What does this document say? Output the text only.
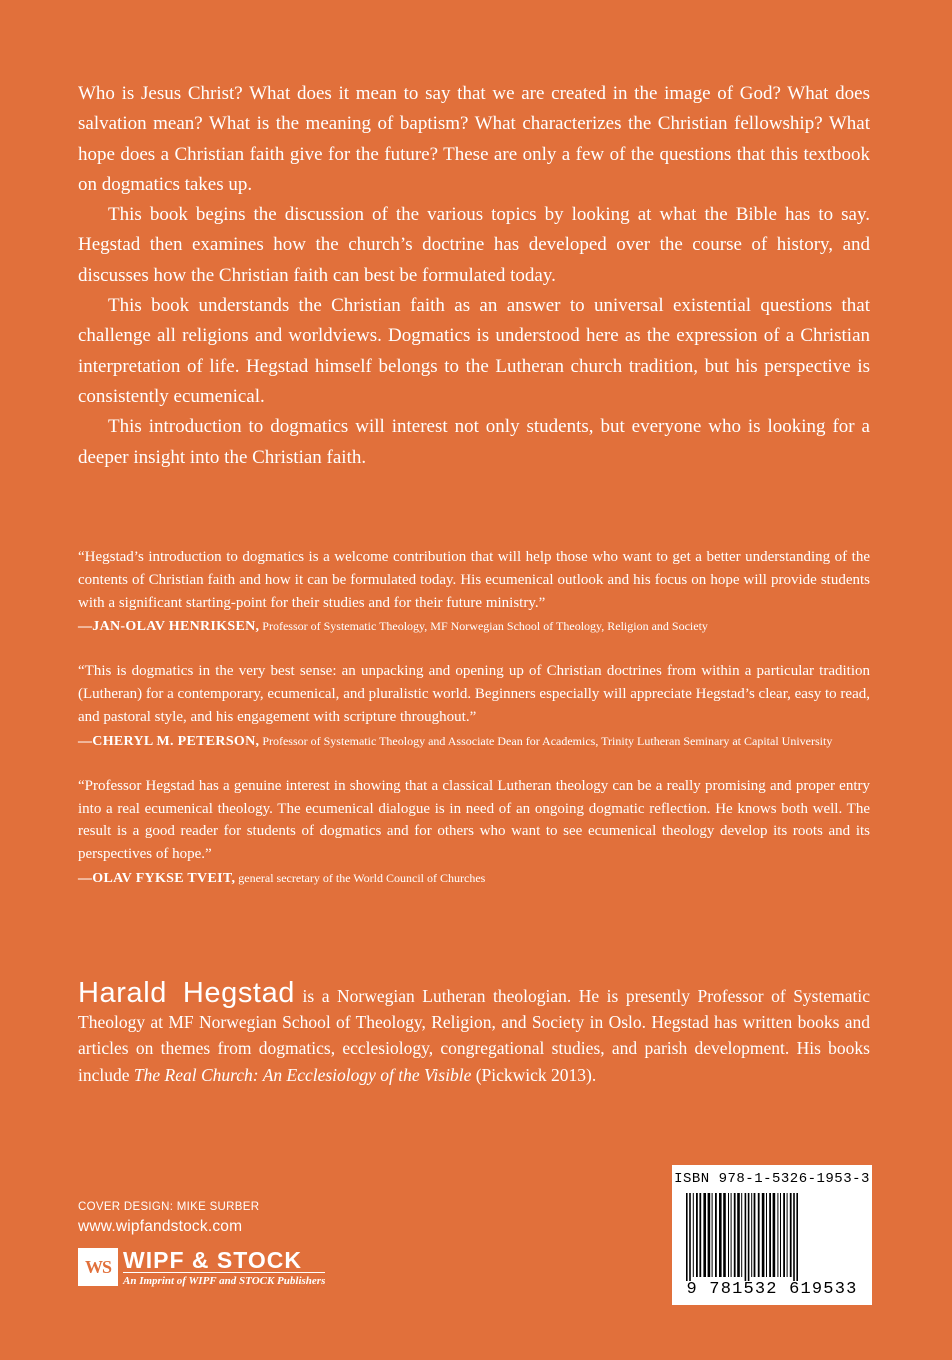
Who is Jesus Christ? What does it mean to say that we are created in the image of God? What does salvation mean? What is the meaning of baptism? What characterizes the Christian fellowship? What hope does a Christian faith give for the future? These are only a few of the questions that this textbook on dogmatics takes up.

This book begins the discussion of the various topics by looking at what the Bible has to say. Hegstad then examines how the church’s doctrine has developed over the course of history, and discusses how the Christian faith can best be formulated today.

This book understands the Christian faith as an answer to universal existential questions that challenge all religions and worldviews. Dogmatics is understood here as the expression of a Christian interpretation of life. Hegstad himself belongs to the Lutheran church tradition, but his perspective is consistently ecumenical.

This introduction to dogmatics will interest not only students, but everyone who is looking for a deeper insight into the Christian faith.

“Hegstad’s introduction to dogmatics is a welcome contribution that will help those who want to get a better understanding of the contents of Christian faith and how it can be formulated today. His ecumenical outlook and his focus on hope will provide students with a significant starting-point for their studies and for their future ministry.”

—JAN-OLAV HENRIKSEN, Professor of Systematic Theology, MF Norwegian School of Theology, Religion and Society

“This is dogmatics in the very best sense: an unpacking and opening up of Christian doctrines from within a particular tradition (Lutheran) for a contemporary, ecumenical, and pluralistic world. Beginners especially will appreciate Hegstad’s clear, easy to read, and pastoral style, and his engagement with scripture throughout.”

—CHERYL M. PETERSON, Professor of Systematic Theology and Associate Dean for Academics, Trinity Lutheran Seminary at Capital University

“Professor Hegstad has a genuine interest in showing that a classical Lutheran theology can be a really promising and proper entry into a real ecumenical theology. The ecumenical dialogue is in need of an ongoing dogmatic reflection. He knows both well. The result is a good reader for students of dogmatics and for others who want to see ecumenical theology develop its roots and its perspectives of hope.”

—OLAV FYKSE TVEIT, general secretary of the World Council of Churches

Harald Hegstad is a Norwegian Lutheran theologian. He is presently Professor of Systematic Theology at MF Norwegian School of Theology, Religion, and Society in Oslo. Hegstad has written books and articles on themes from dogmatics, ecclesiology, congregational studies, and parish development. His books include The Real Church: An Ecclesiology of the Visible (Pickwick 2013).

COVER DESIGN: MIKE SURBER
www.wipfandstock.com
WS WIPF & STOCK
An Imprint of WIPF and STOCK Publishers
ISBN 978-1-5326-1953-3
9 781532 619533
